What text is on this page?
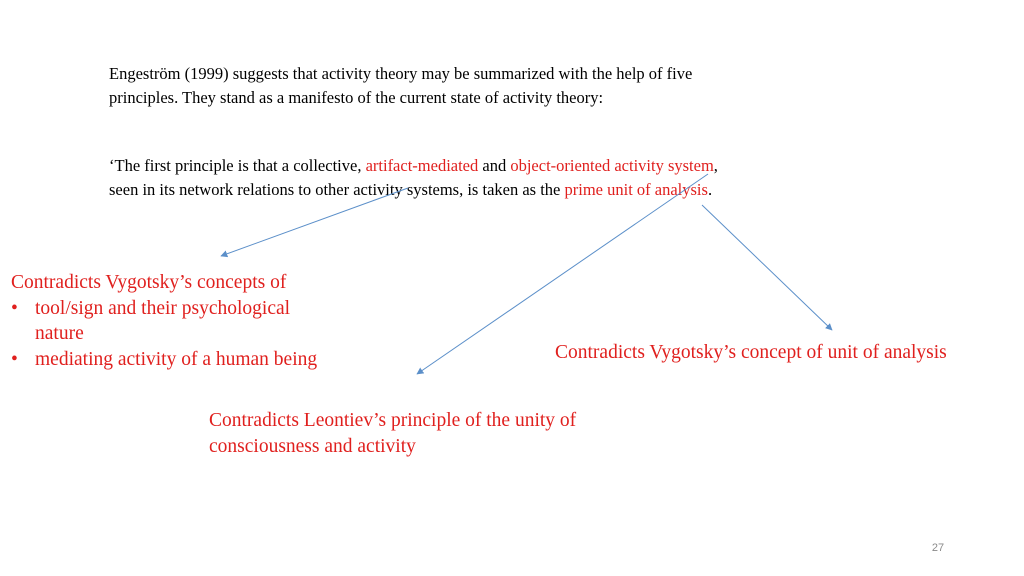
Engeström (1999) suggests that activity theory may be summarized with the help of five
principles. They stand as a manifesto of the current state of activity theory:
‘The first principle is that a collective, artifact-mediated and object-oriented activity system,
seen in its network relations to other activity systems, is taken as the prime unit of analysis.
Contradicts Vygotsky’s concepts of
• tool/sign and their psychological
nature
• mediating activity of a human being	Contradicts Vygotsky’s concept of unit of analysis
Contradicts Leontiev’s principle of the unity of
consciousness and activity
27
